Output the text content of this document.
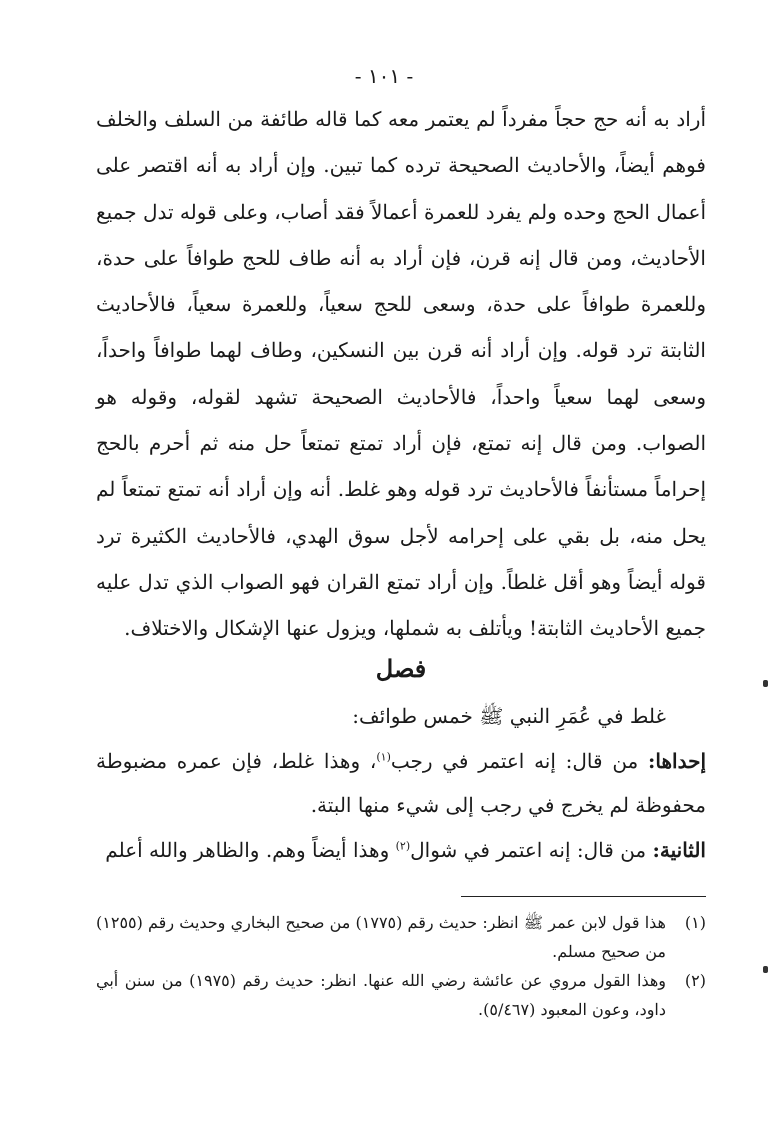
- ١٠١ -

أراد به أنه حج حجاً مفرداً لم يعتمر معه كما قاله طائفة من السلف والخلف فوهم أيضاً، والأحاديث الصحيحة ترده كما تبين. وإن أراد به أنه اقتصر على أعمال الحج وحده ولم يفرد للعمرة أعمالاً فقد أصاب، وعلى قوله تدل جميع الأحاديث، ومن قال إنه قرن، فإن أراد به أنه طاف للحج طوافاً على حدة، وللعمرة طوافاً على حدة، وسعى للحج سعياً، وللعمرة سعياً، فالأحاديث الثابتة ترد قوله. وإن أراد أنه قرن بين النسكين، وطاف لهما طوافاً واحداً، وسعى لهما سعياً واحداً، فالأحاديث الصحيحة تشهد لقوله، وقوله هو الصواب. ومن قال إنه تمتع، فإن أراد تمتع تمتعاً حل منه ثم أحرم بالحج إحراماً مستأنفاً فالأحاديث ترد قوله وهو غلط. أنه وإن أراد أنه تمتع تمتعاً لم يحل منه، بل بقي على إحرامه لأجل سوق الهدي، فالأحاديث الكثيرة ترد قوله أيضاً وهو أقل غلطاً. وإن أراد تمتع القران فهو الصواب الذي تدل عليه جميع الأحاديث الثابتة! ويأتلف به شملها، ويزول عنها الإشكال والاختلاف.

فصل

غلط في عُمَرِ النبي ﷺ خمس طوائف:

إحداها: من قال: إنه اعتمر في رجب$^{(١)}$، وهذا غلط، فإن عمره مضبوطة محفوظة لم يخرج في رجب إلى شيء منها البتة.

الثانية: من قال: إنه اعتمر في شوال$^{(٢)}$ وهذا أيضاً وهم. والظاهر والله أعلم

(١)
هذا قول لابن عمر ﷺ انظر: حديث رقم (١٧٧٥) من صحيح البخاري وحديث رقم (١٢٥٥) من صحيح مسلم.

(٢)
وهذا القول مروي عن عائشة رضي الله عنها. انظر: حديث رقم (١٩٧٥) من سنن أبي داود، وعون المعبود (٥/٤٦٧).
